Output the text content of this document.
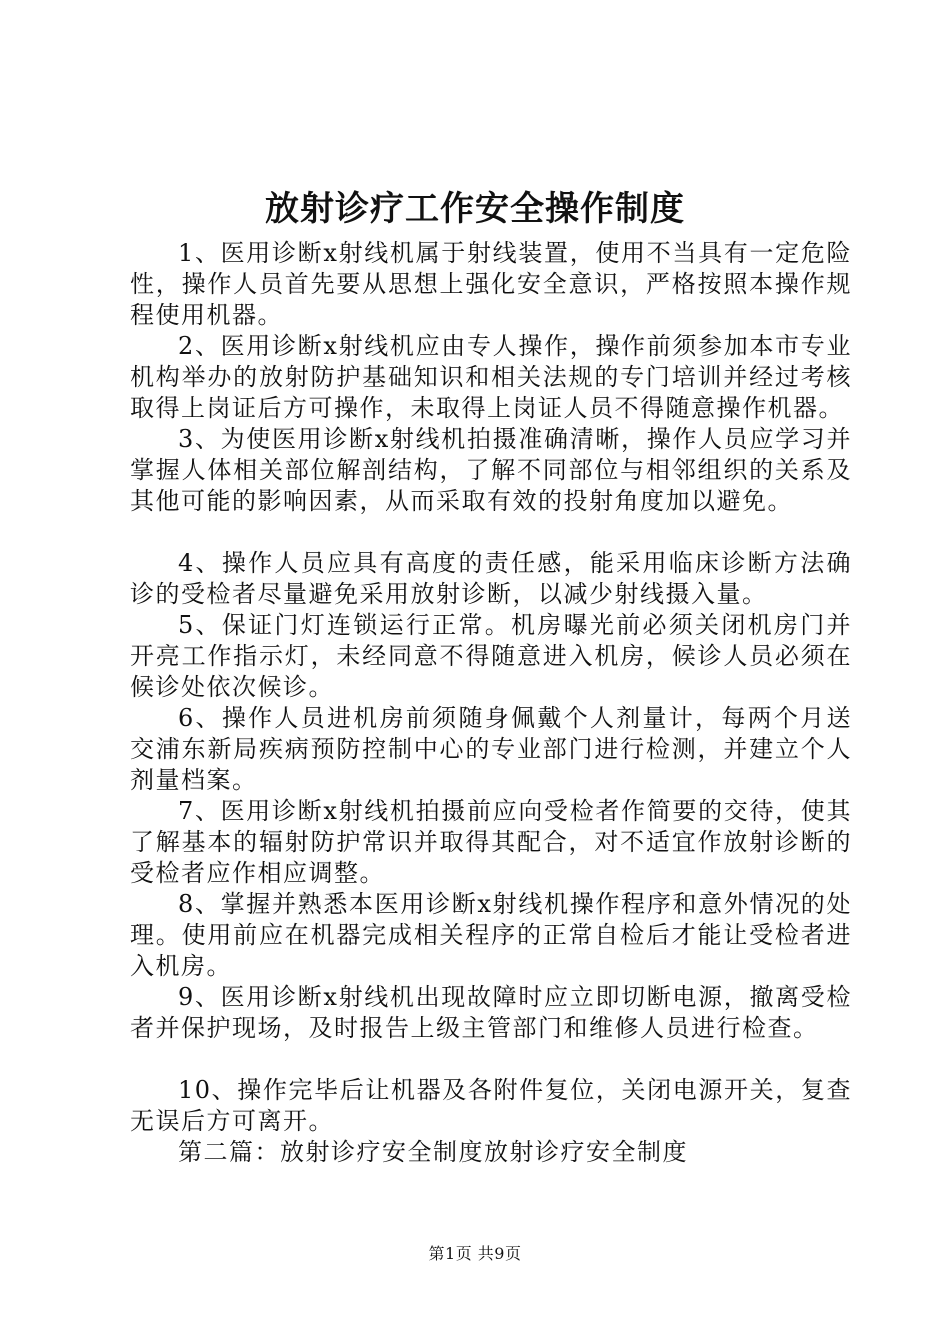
放射诊疗工作安全操作制度

1、医用诊断x射线机属于射线装置，使用不当具有一定危险性，操作人员首先要从思想上强化安全意识，严格按照本操作规程使用机器。

2、医用诊断x射线机应由专人操作，操作前须参加本市专业机构举办的放射防护基础知识和相关法规的专门培训并经过考核取得上岗证后方可操作，未取得上岗证人员不得随意操作机器。

3、为使医用诊断x射线机拍摄准确清晰，操作人员应学习并掌握人体相关部位解剖结构，了解不同部位与相邻组织的关系及其他可能的影响因素，从而采取有效的投射角度加以避免。

4、操作人员应具有高度的责任感，能采用临床诊断方法确诊的受检者尽量避免采用放射诊断，以减少射线摄入量。

5、保证门灯连锁运行正常。机房曝光前必须关闭机房门并开亮工作指示灯，未经同意不得随意进入机房，候诊人员必须在候诊处依次候诊。

6、操作人员进机房前须随身佩戴个人剂量计，每两个月送交浦东新局疾病预防控制中心的专业部门进行检测，并建立个人剂量档案。

7、医用诊断x射线机拍摄前应向受检者作简要的交待，使其了解基本的辐射防护常识并取得其配合，对不适宜作放射诊断的受检者应作相应调整。

8、掌握并熟悉本医用诊断x射线机操作程序和意外情况的处理。使用前应在机器完成相关程序的正常自检后才能让受检者进入机房。

9、医用诊断x射线机出现故障时应立即切断电源，撤离受检者并保护现场，及时报告上级主管部门和维修人员进行检查。

10、操作完毕后让机器及各附件复位，关闭电源开关，复查无误后方可离开。

第二篇：放射诊疗安全制度放射诊疗安全制度

第1页 共9页
